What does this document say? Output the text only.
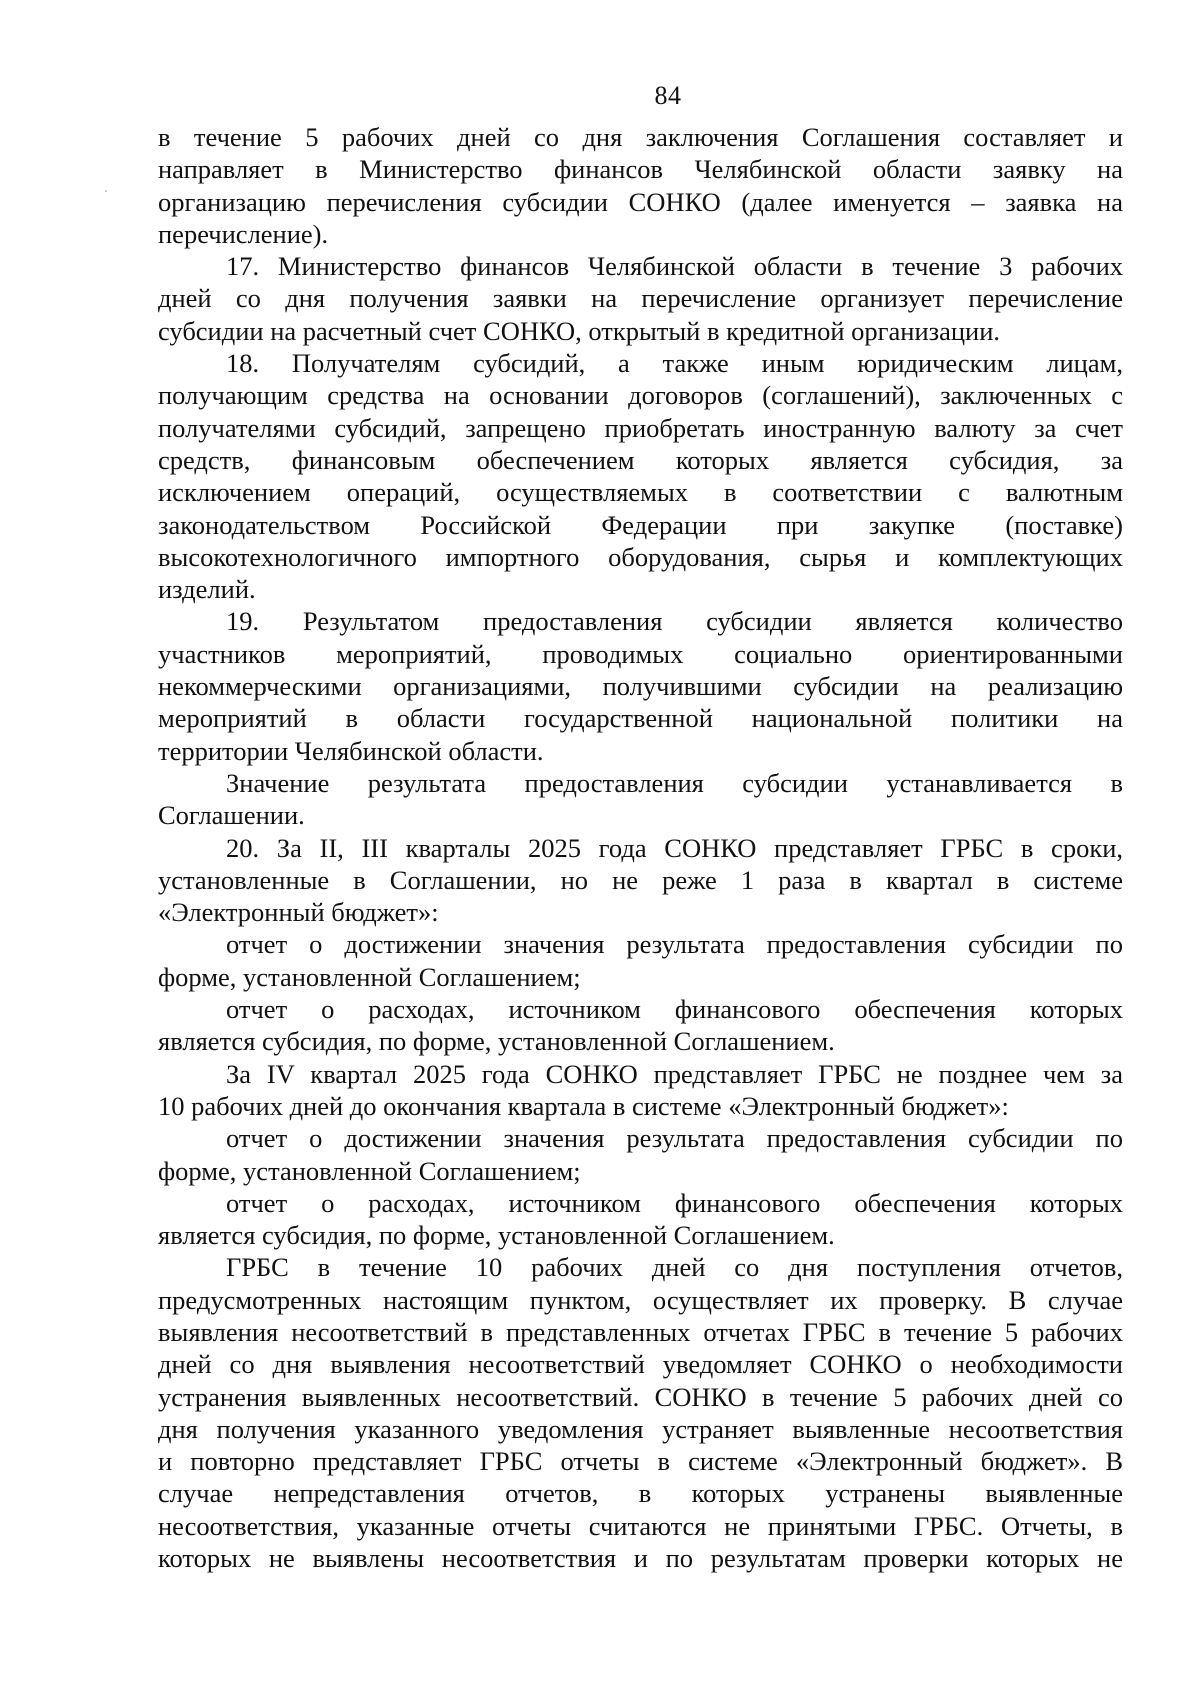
84
в течение 5 рабочих дней со дня заключения Соглашения составляет и
направляет в Министерство финансов Челябинской области заявку на
организацию перечисления субсидии СОНКО (далее именуется – заявка на
перечисление).
17. Министерство финансов Челябинской области в течение 3 рабочих
дней со дня получения заявки на перечисление организует перечисление
субсидии на расчетный счет СОНКО, открытый в кредитной организации.
18. Получателям субсидий, а также иным юридическим лицам,
получающим средства на основании договоров (соглашений), заключенных с
получателями субсидий, запрещено приобретать иностранную валюту за счет
средств, финансовым обеспечением которых является субсидия, за
исключением операций, осуществляемых в соответствии с валютным
законодательством Российской Федерации при закупке (поставке)
высокотехнологичного импортного оборудования, сырья и комплектующих
изделий.
19. Результатом предоставления субсидии является количество
участников мероприятий, проводимых социально ориентированными
некоммерческими организациями, получившими субсидии на реализацию
мероприятий в области государственной национальной политики на
территории Челябинской области.
Значение результата предоставления субсидии устанавливается в
Соглашении.
20. За II, III кварталы 2025 года СОНКО представляет ГРБС в сроки,
установленные в Соглашении, но не реже 1 раза в квартал в системе
«Электронный бюджет»:
отчет о достижении значения результата предоставления субсидии по
форме, установленной Соглашением;
отчет о расходах, источником финансового обеспечения которых
является субсидия, по форме, установленной Соглашением.
За IV квартал 2025 года СОНКО представляет ГРБС не позднее чем за
10 рабочих дней до окончания квартала в системе «Электронный бюджет»:
отчет о достижении значения результата предоставления субсидии по
форме, установленной Соглашением;
отчет о расходах, источником финансового обеспечения которых
является субсидия, по форме, установленной Соглашением.
ГРБС в течение 10 рабочих дней со дня поступления отчетов,
предусмотренных настоящим пунктом, осуществляет их проверку. В случае
выявления несоответствий в представленных отчетах ГРБС в течение 5 рабочих
дней со дня выявления несоответствий уведомляет СОНКО о необходимости
устранения выявленных несоответствий. СОНКО в течение 5 рабочих дней со
дня получения указанного уведомления устраняет выявленные несоответствия
и повторно представляет ГРБС отчеты в системе «Электронный бюджет». В
случае непредставления отчетов, в которых устранены выявленные
несоответствия, указанные отчеты считаются не принятыми ГРБС. Отчеты, в
которых не выявлены несоответствия и по результатам проверки которых не
